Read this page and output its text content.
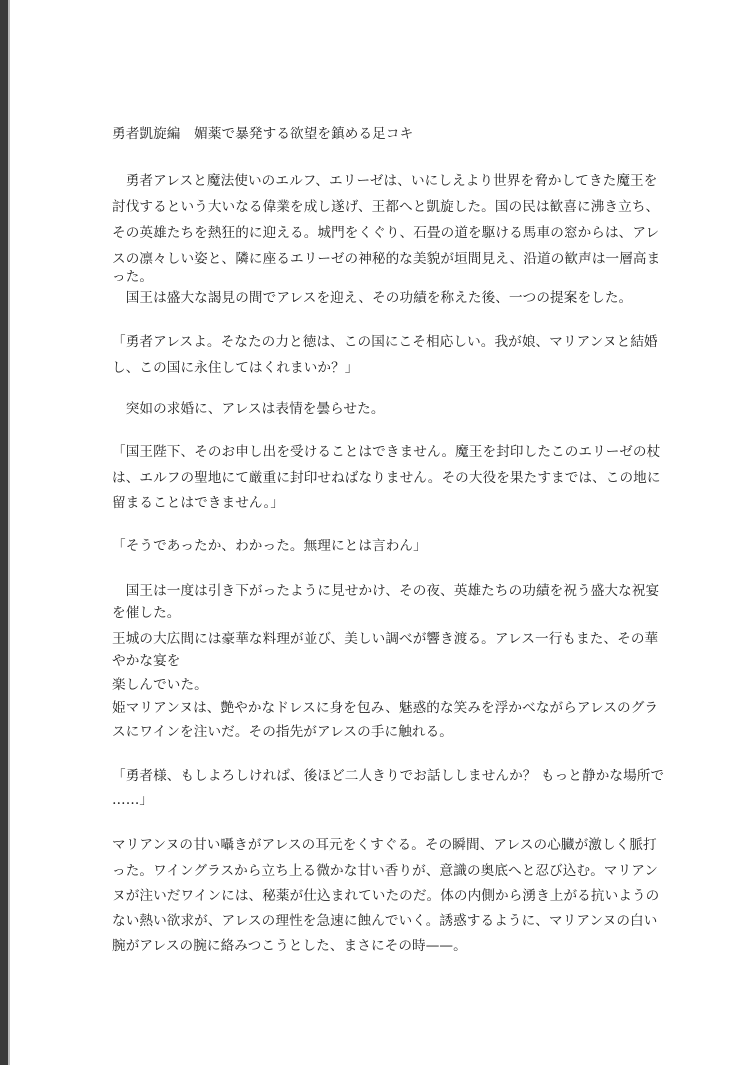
勇者凱旋編　媚薬で暴発する欲望を鎮める足コキ
　勇者アレスと魔法使いのエルフ、エリーゼは、いにしえより世界を脅かしてきた魔王を
討伐するという大いなる偉業を成し遂げ、王都へと凱旋した。国の民は歓喜に沸き立ち、
その英雄たちを熱狂的に迎える。城門をくぐり、石畳の道を駆ける馬車の窓からは、アレ
スの凛々しい姿と、隣に座るエリーゼの神秘的な美貌が垣間見え、沿道の歓声は一層高ま
った。
　国王は盛大な謁見の間でアレスを迎え、その功績を称えた後、一つの提案をした。
「勇者アレスよ。そなたの力と徳は、この国にこそ相応しい。我が娘、マリアンヌと結婚
し、この国に永住してはくれまいか？」
　突如の求婚に、アレスは表情を曇らせた。
「国王陛下、そのお申し出を受けることはできません。魔王を封印したこのエリーゼの杖
は、エルフの聖地にて厳重に封印せねばなりません。その大役を果たすまでは、この地に
留まることはできません。」
「そうであったか、わかった。無理にとは言わん」
　国王は一度は引き下がったように見せかけ、その夜、英雄たちの功績を祝う盛大な祝宴
を催した。
王城の大広間には豪華な料理が並び、美しい調べが響き渡る。アレス一行もまた、その華
やかな宴を
楽しんでいた。
姫マリアンヌは、艶やかなドレスに身を包み、魅惑的な笑みを浮かべながらアレスのグラ
スにワインを注いだ。その指先がアレスの手に触れる。
「勇者様、もしよろしければ、後ほど二人きりでお話ししませんか？ もっと静かな場所で
……」
マリアンヌの甘い囁きがアレスの耳元をくすぐる。その瞬間、アレスの心臓が激しく脈打
った。ワイングラスから立ち上る微かな甘い香りが、意識の奥底へと忍び込む。マリアン
ヌが注いだワインには、秘薬が仕込まれていたのだ。体の内側から湧き上がる抗いようの
ない熱い欲求が、アレスの理性を急速に蝕んでいく。誘惑するように、マリアンヌの白い
腕がアレスの腕に絡みつこうとした、まさにその時——。
